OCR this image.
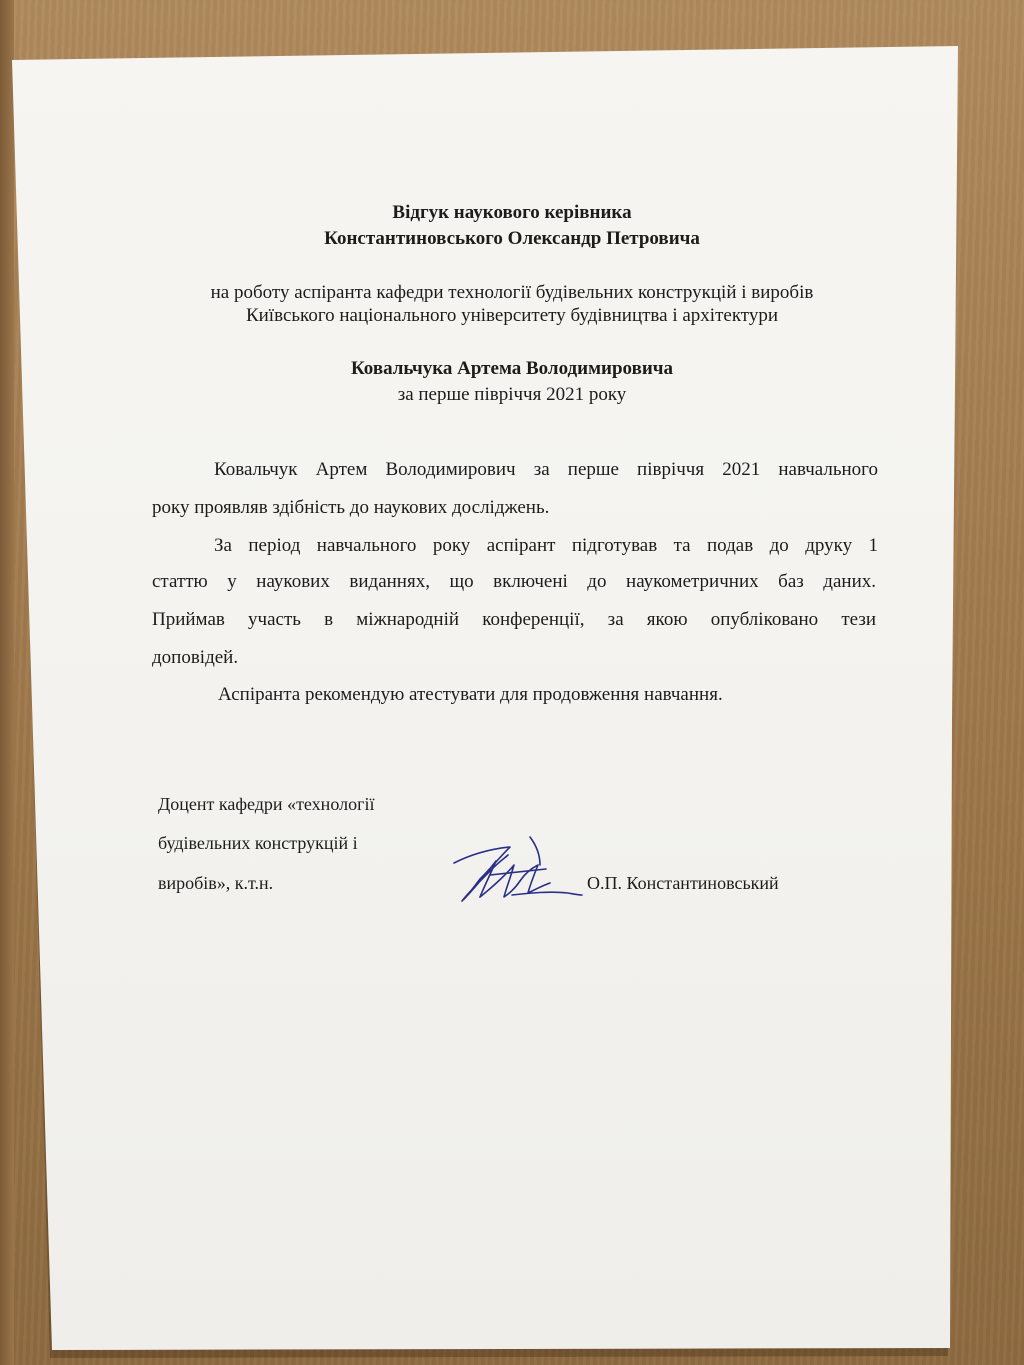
Відгук наукового керівника
Константиновського Олександр Петровича
на роботу аспіранта кафедри технології будівельних конструкцій і виробів
Київського національного університету будівництва і архітектури
Ковальчука Артема Володимировича
за перше півріччя 2021 року
Ковальчук Артем Володимирович за перше півріччя 2021 навчального
року проявляв здібність до наукових досліджень.
За період навчального року аспірант підготував та подав до друку 1
статтю у наукових виданнях, що включені до наукометричних баз даних.
Приймав участь в міжнародній конференції, за якою опубліковано тези
доповідей.
Аспіранта рекомендую атестувати для продовження навчання.
Доцент кафедри «технології
будівельних конструкцій і
виробів», к.т.н.	О.П. Константиновський
